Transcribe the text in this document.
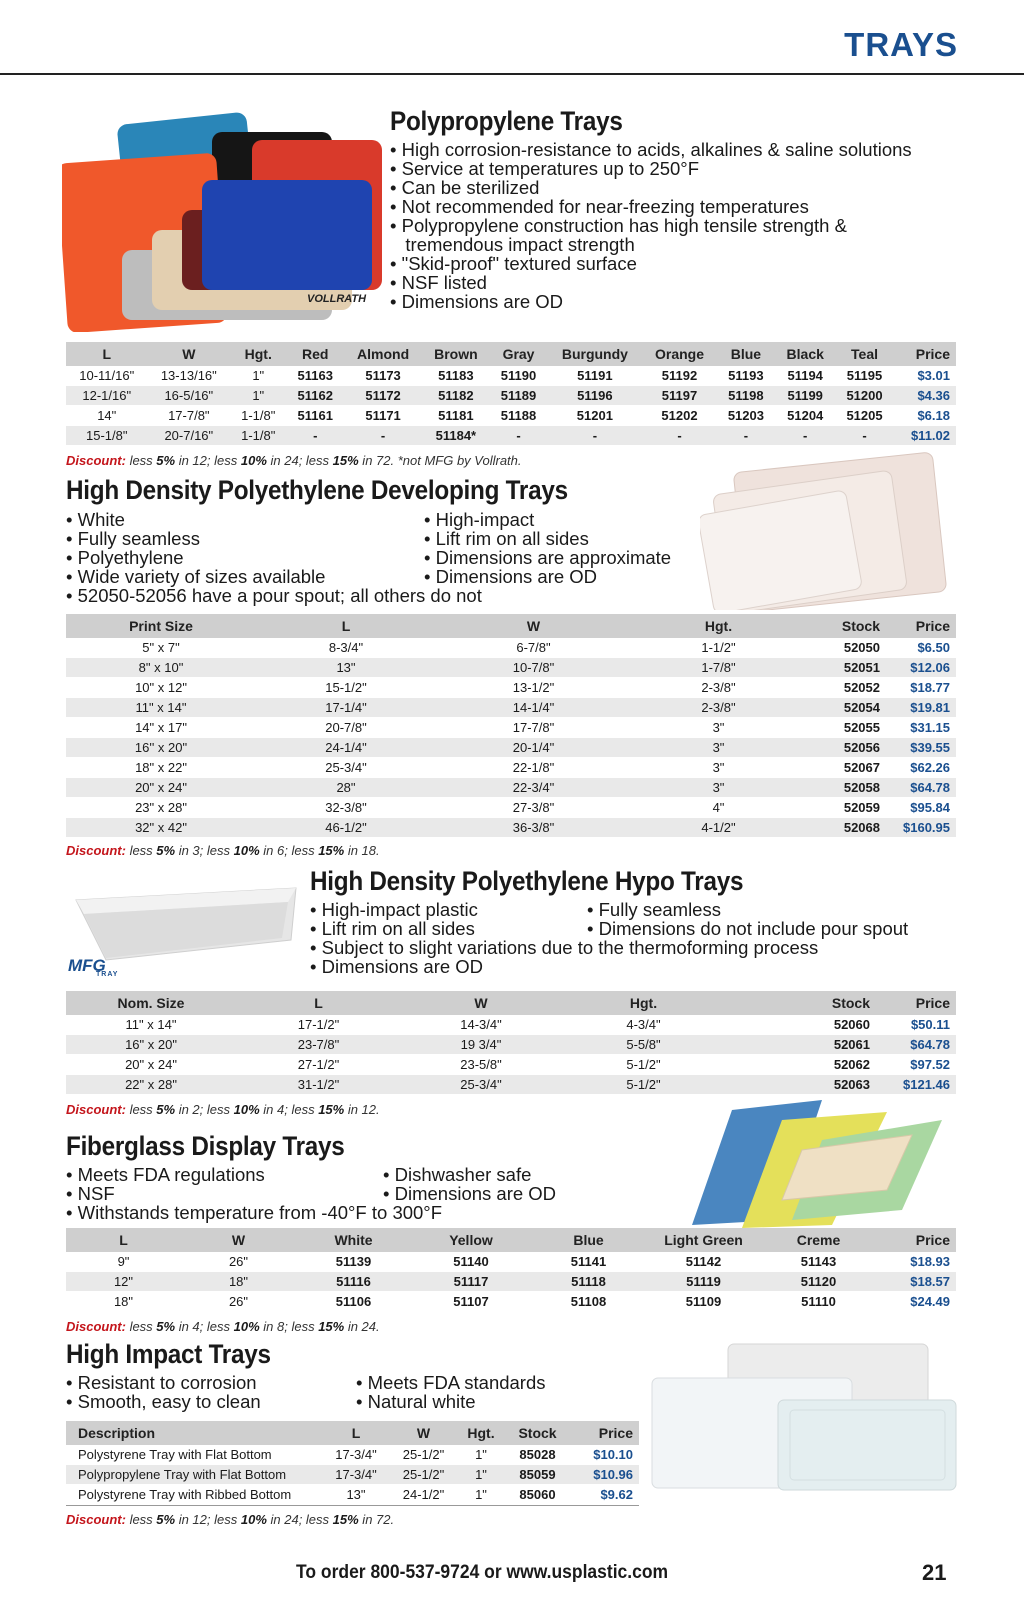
TRAYS
VOLLRATH
Polypropylene Trays
• High corrosion-resistance to acids, alkalines & saline solutions
• Service at temperatures up to 250°F
• Can be sterilized
• Not recommended for near-freezing temperatures
• Polypropylene construction has high tensile strength &
tremendous impact strength
• "Skid-proof" textured surface
• NSF listed
• Dimensions are OD
L	W	Hgt.	Red	Almond	Brown	Gray	Burgundy	Orange	Blue	Black	Teal	Price
10-11/16"	13-13/16"	1"	51163	51173	51183	51190	51191	51192	51193	51194	51195	$3.01
12-1/16"	16-5/16"	1"	51162	51172	51182	51189	51196	51197	51198	51199	51200	$4.36
14"	17-7/8"	1-1/8"	51161	51171	51181	51188	51201	51202	51203	51204	51205	$6.18
15-1/8"	20-7/16"	1-1/8"	-	-	51184*	-	-	-	-	-	-	$11.02
Discount: less 5% in 12; less 10% in 24; less 15% in 72. *not MFG by Vollrath.
High Density Polyethylene Developing Trays
• White
• Fully seamless
• Polyethylene
• Wide variety of sizes available
• 52050-52056 have a pour spout; all others do not
• High-impact
• Lift rim on all sides
• Dimensions are approximate
• Dimensions are OD
Print Size	L	W	Hgt.	Stock	Price
5" x 7"	8-3/4"	6-7/8"	1-1/2"	52050	$6.50
8" x 10"	13"	10-7/8"	1-7/8"	52051	$12.06
10" x 12"	15-1/2"	13-1/2"	2-3/8"	52052	$18.77
11" x 14"	17-1/4"	14-1/4"	2-3/8"	52054	$19.81
14" x 17"	20-7/8"	17-7/8"	3"	52055	$31.15
16'' x 20"	24-1/4"	20-1/4"	3"	52056	$39.55
18" x 22"	25-3/4"	22-1/8"	3"	52067	$62.26
20" x 24"	28"	22-3/4"	3"	52058	$64.78
23" x 28"	32-3/8"	27-3/8"	4"	52059	$95.84
32" x 42"	46-1/2"	36-3/8"	4-1/2"	52068	$160.95
Discount: less 5% in 3; less 10% in 6; less 15% in 18.
MFG
TRAY
High Density Polyethylene Hypo Trays
• High-impact plastic
• Lift rim on all sides
• Subject to slight variations due to the thermoforming process
• Dimensions are OD
• Fully seamless
• Dimensions do not include pour spout
Nom. Size	L	W	Hgt.	Stock	Price
11" x 14"	17-1/2"	14-3/4"	4-3/4"	52060	$50.11
16" x 20"	23-7/8"	19 3/4"	5-5/8"	52061	$64.78
20" x 24"	27-1/2"	23-5/8"	5-1/2"	52062	$97.52
22" x 28"	31-1/2"	25-3/4"	5-1/2"	52063	$121.46
Discount: less 5% in 2; less 10% in 4; less 15% in 12.
Fiberglass Display Trays
• Meets FDA regulations
• NSF
• Withstands temperature from -40°F to 300°F
• Dishwasher safe
• Dimensions are OD
L	W	White	Yellow	Blue	Light Green	Creme	Price
9"	26"	51139	51140	51141	51142	51143	$18.93
12"	18"	51116	51117	51118	51119	51120	$18.57
18"	26"	51106	51107	51108	51109	51110	$24.49
Discount: less 5% in 4; less 10% in 8; less 15% in 24.
High Impact Trays
• Resistant to corrosion
• Smooth, easy to clean
• Meets FDA standards
• Natural white
Description	L	W	Hgt.	Stock	Price
Polystyrene Tray with Flat Bottom	17-3/4"	25-1/2"	1"	85028	$10.10
Polypropylene Tray with Flat Bottom	17-3/4"	25-1/2"	1"	85059	$10.96
Polystyrene Tray with Ribbed Bottom	13"	24-1/2"	1"	85060	$9.62
Discount: less 5% in 12; less 10% in 24; less 15% in 72.
To order 800-537-9724 or www.usplastic.com	21
